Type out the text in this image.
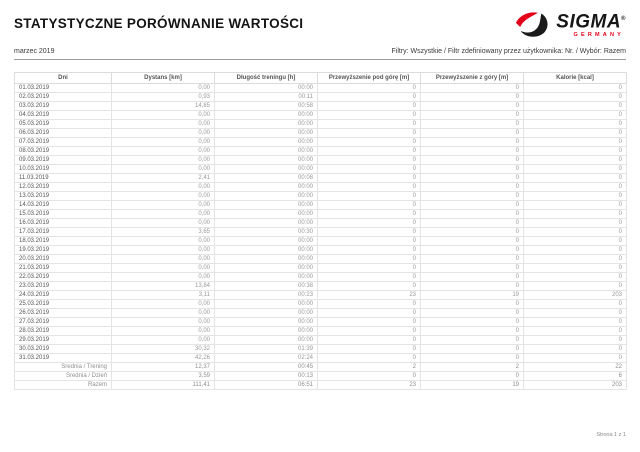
STATYSTYCZNE PORÓWNANIE WARTOŚCI	SIGMA®
GERMANY
marzec 2019	Filtry: Wszystkie / Filtr zdefiniowany przez użytkownika: Nr. / Wybór: Razem
Dni	Dystans [km]	Długość treningu [h]	Przewyższenie pod górę [m]	Przewyższenie z góry [m]	Kalorie [kcal]
01.03.2019	0,00	00:00	0	0	0
02.03.2019	0,93	00:11	0	0	0
03.03.2019	14,85	00:58	0	0	0
04.03.2019	0,00	00:00	0	0	0
05.03.2019	0,00	00:00	0	0	0
06.03.2019	0,00	00:00	0	0	0
07.03.2019	0,00	00:00	0	0	0
08.03.2019	0,00	00:00	0	0	0
09.03.2019	0,00	00:00	0	0	0
10.03.2019	0,00	00:00	0	0	0
11.03.2019	2,41	00:08	0	0	0
12.03.2019	0,00	00:00	0	0	0
13.03.2019	0,00	00:00	0	0	0
14.03.2019	0,00	00:00	0	0	0
15.03.2019	0,00	00:00	0	0	0
16.03.2019	0,00	00:00	0	0	0
17.03.2019	3,65	00:30	0	0	0
18.03.2019	0,00	00:00	0	0	0
19.03.2019	0,00	00:00	0	0	0
20.03.2019	0,00	00:00	0	0	0
21.03.2019	0,00	00:00	0	0	0
22.03.2019	0,00	00:00	0	0	0
23.03.2019	13,84	00:38	0	0	0
24.03.2019	3,11	00:23	23	19	203
25.03.2019	0,00	00:00	0	0	0
26.03.2019	0,00	00:00	0	0	0
27.03.2019	0,00	00:00	0	0	0
28.03.2019	0,00	00:00	0	0	0
29.03.2019	0,00	00:00	0	0	0
30.03.2019	30,32	01:39	0	0	0
31.03.2019	42,26	02:24	0	0	0
Średnia / Trening	12,37	00:45	2	2	22
Średnia / Dzień	3,59	00:13	0	0	6
Razem	111,41	06:51	23	19	203
Strona 1 z 1
